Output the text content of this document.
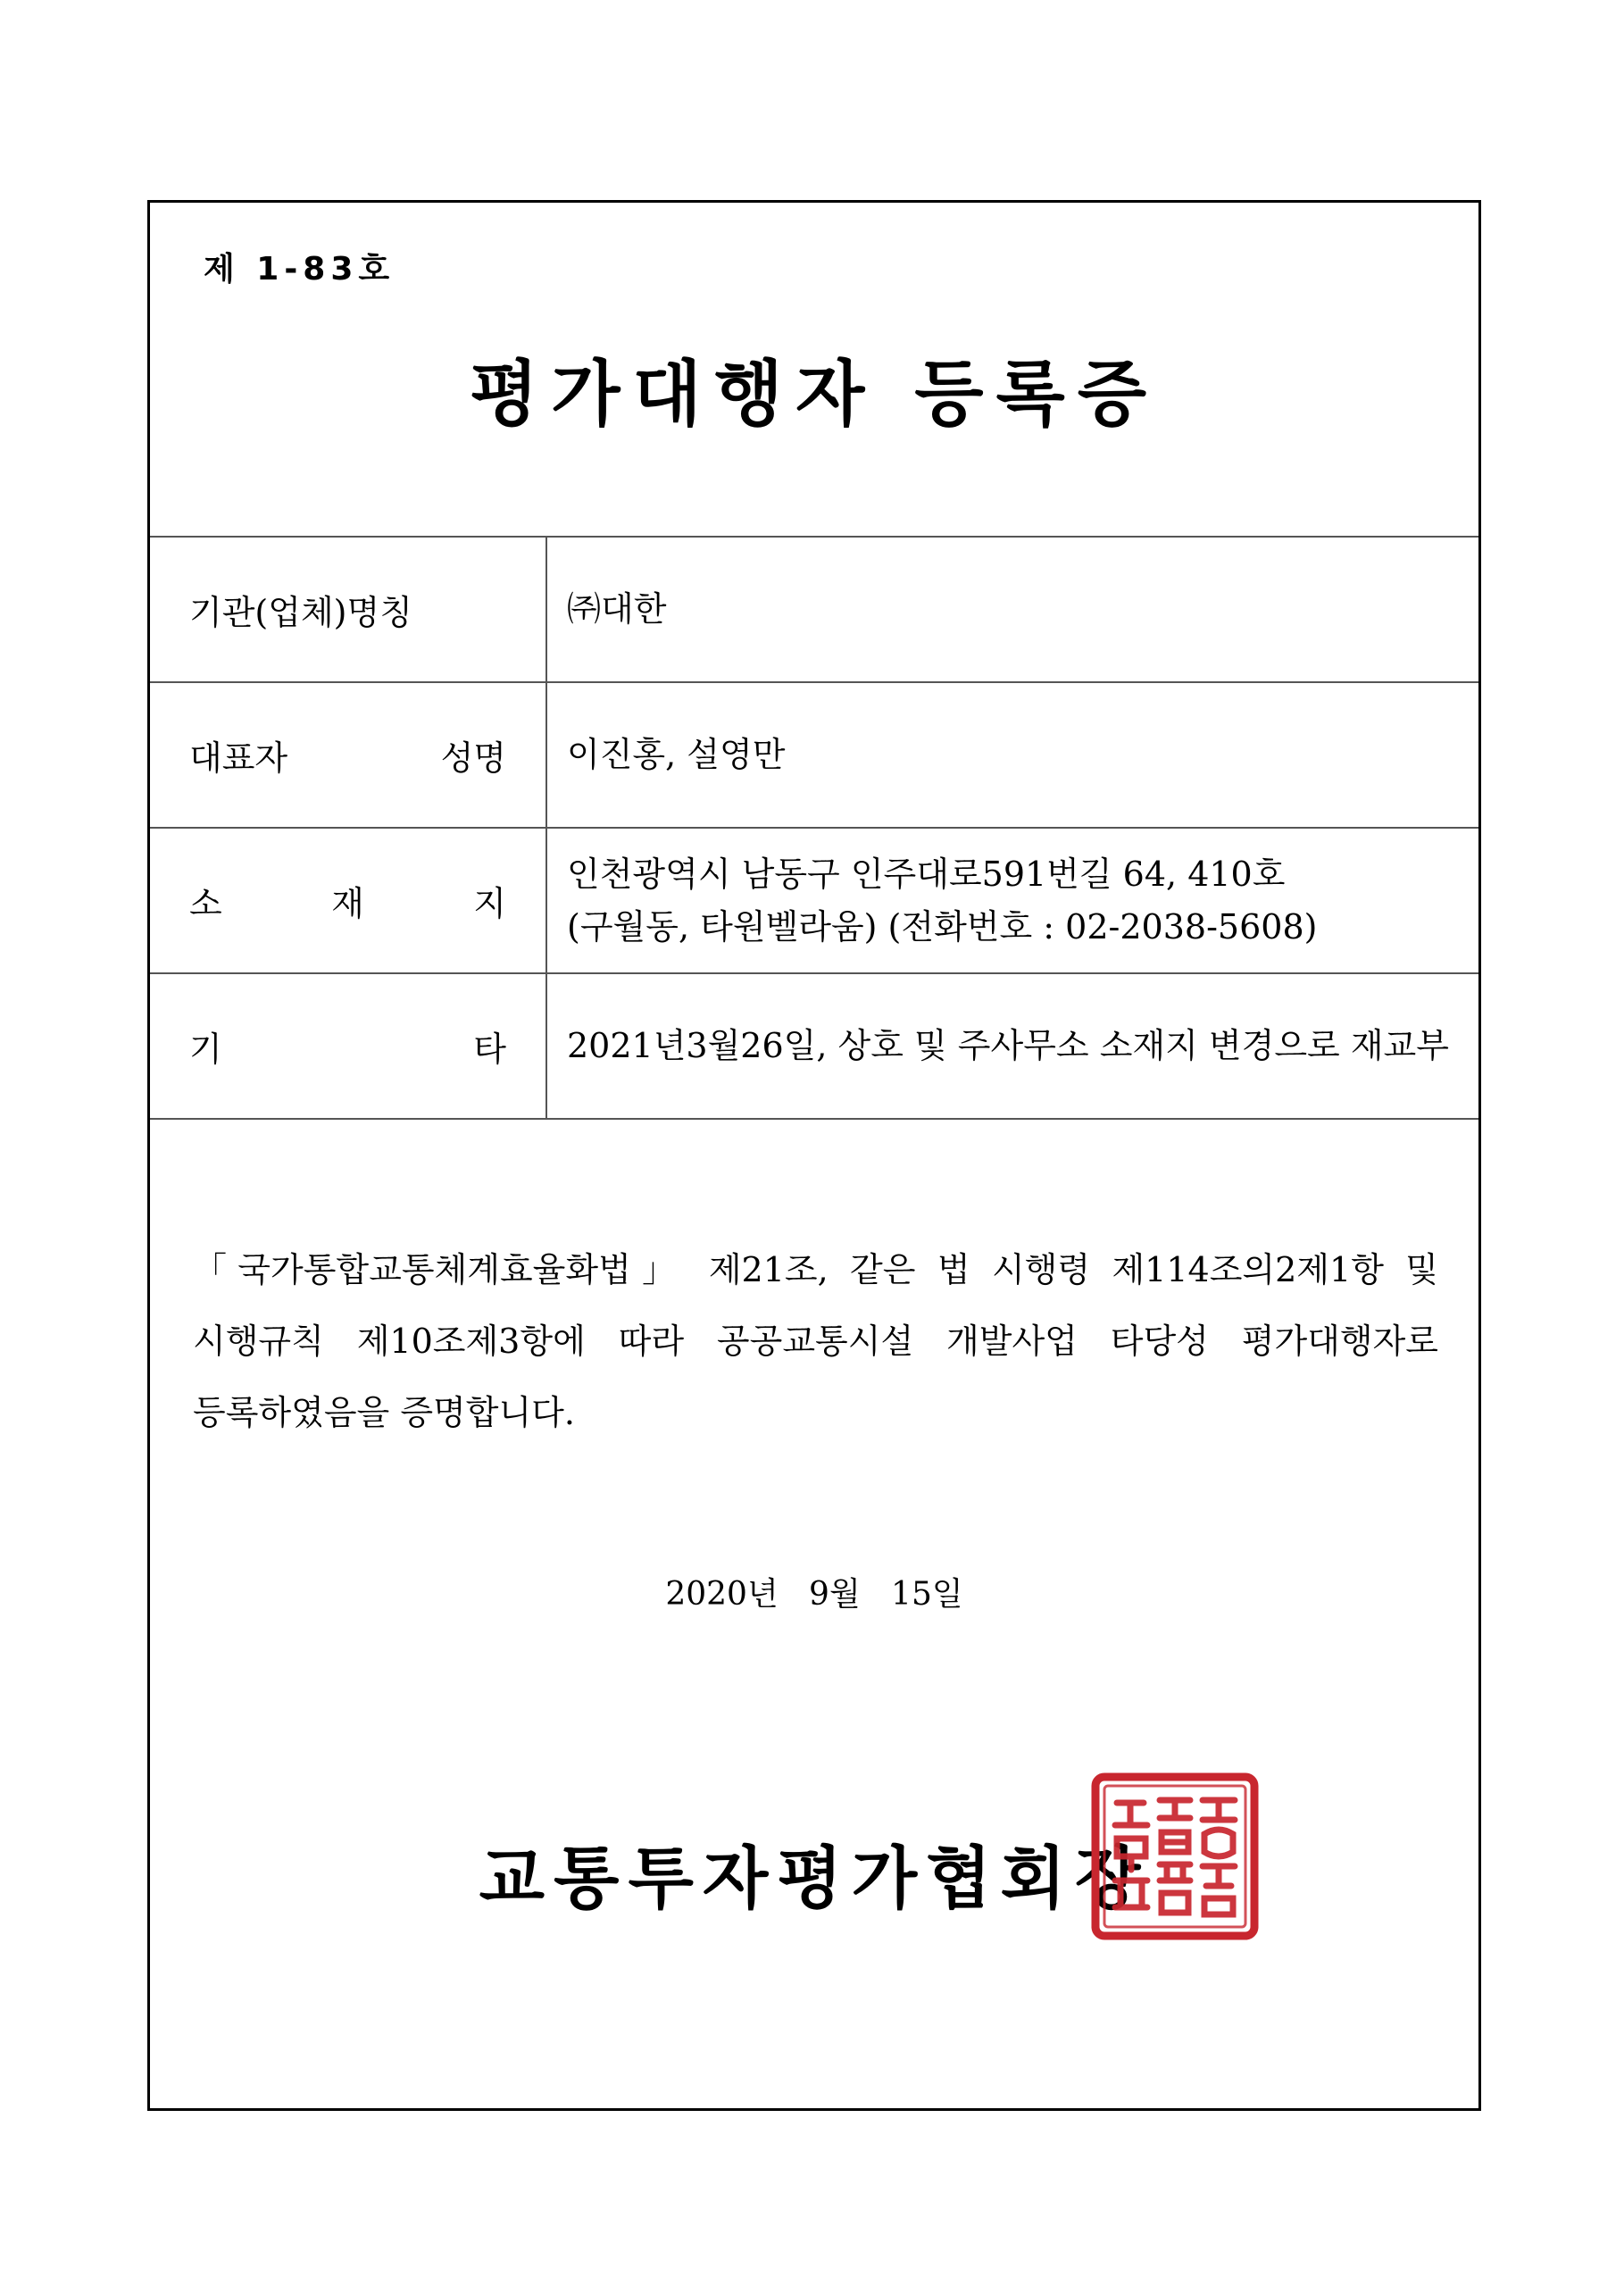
제 1-83호
평가대행자 등록증
기관(업체)명칭	㈜대한
대표자 성명	이진홍, 설영만
소 재 지	인천광역시 남동구 인주대로591번길 64, 410호
(구월동, 타원벨라움) (전화번호 : 02-2038-5608)

기 타	2021년3월26일, 상호 및 주사무소 소재지 변경으로 재교부
「국가통합교통체계효율화법」 제21조, 같은 법 시행령 제114조의2제1항 및 시행규칙 제10조제3항에 따라 공공교통시설 개발사업 타당성 평가대행자로 등록하였음을 증명합니다.
2020년   9월   15일
교통투자평가협회장
